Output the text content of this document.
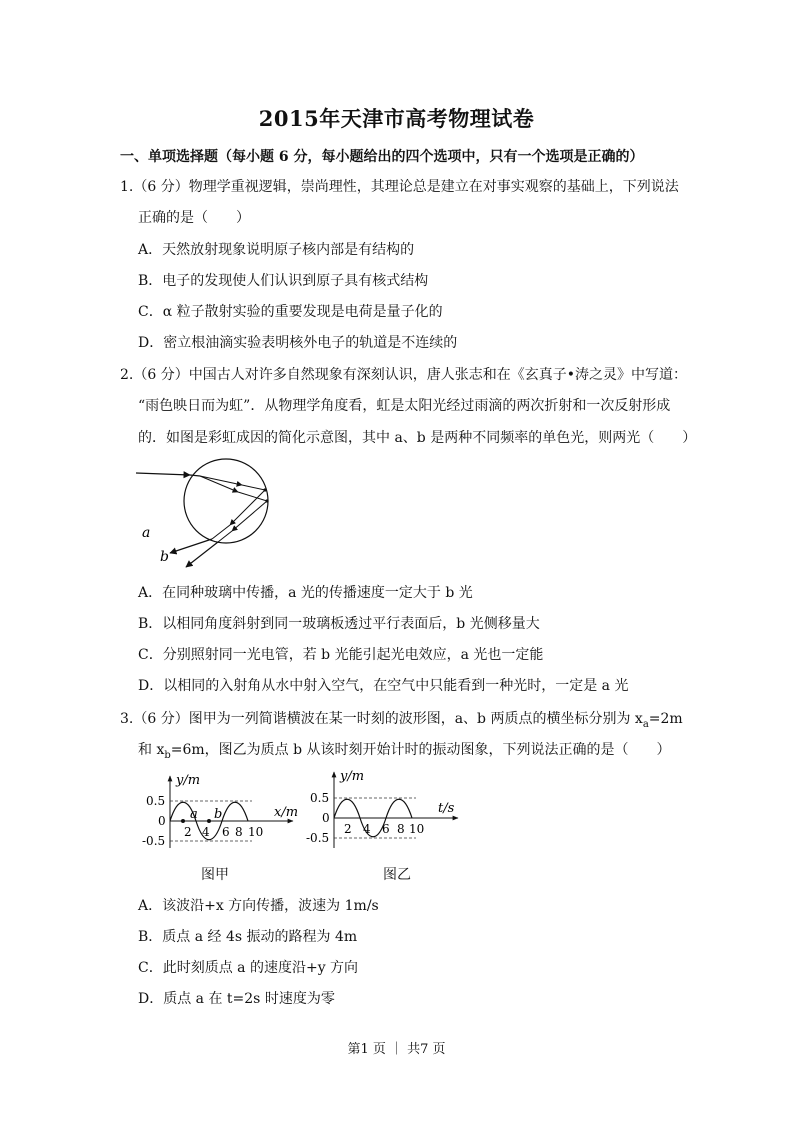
2015年天津市高考物理试卷
一、单项选择题（每小题 6 分，每小题给出的四个选项中，只有一个选项是正确的）
1.（6 分）物理学重视逻辑，崇尚理性，其理论总是建立在对事实观察的基础上，下列说法
正确的是（　　）
A．天然放射现象说明原子核内部是有结构的
B．电子的发现使人们认识到原子具有核式结构
C．α 粒子散射实验的重要发现是电荷是量子化的
D．密立根油滴实验表明核外电子的轨道是不连续的
2.（6 分）中国古人对许多自然现象有深刻认识，唐人张志和在《玄真子•涛之灵》中写道：
“雨色映日而为虹”．从物理学角度看，虹是太阳光经过雨滴的两次折射和一次反射形成
的．如图是彩虹成因的简化示意图，其中 a、b 是两种不同频率的单色光，则两光（　　）
a
b
A．在同种玻璃中传播，a 光的传播速度一定大于 b 光
B．以相同角度斜射到同一玻璃板透过平行表面后，b 光侧移量大
C．分别照射同一光电管，若 b 光能引起光电效应，a 光也一定能
D．以相同的入射角从水中射入空气，在空气中只能看到一种光时，一定是 a 光
3.（6 分）图甲为一列简谐横波在某一时刻的波形图，a、b 两质点的横坐标分别为 $x_a=2m$
和 $x_b=6m$，图乙为质点 b 从该时刻开始计时的振动图象，下列说法正确的是（　　）
y/m
x/m
0.5
0
-0.5
a b
2 4 6 8 10
图甲
y/m
t/s
0.5
0
-0.5
2 4 6 8 10
图乙
A．该波沿+x 方向传播，波速为 1m/s
B．质点 a 经 4s 振动的路程为 4m
C．此时刻质点 a 的速度沿+y 方向
D．质点 a 在 t=2s 时速度为零
第1 页 ｜ 共7 页
